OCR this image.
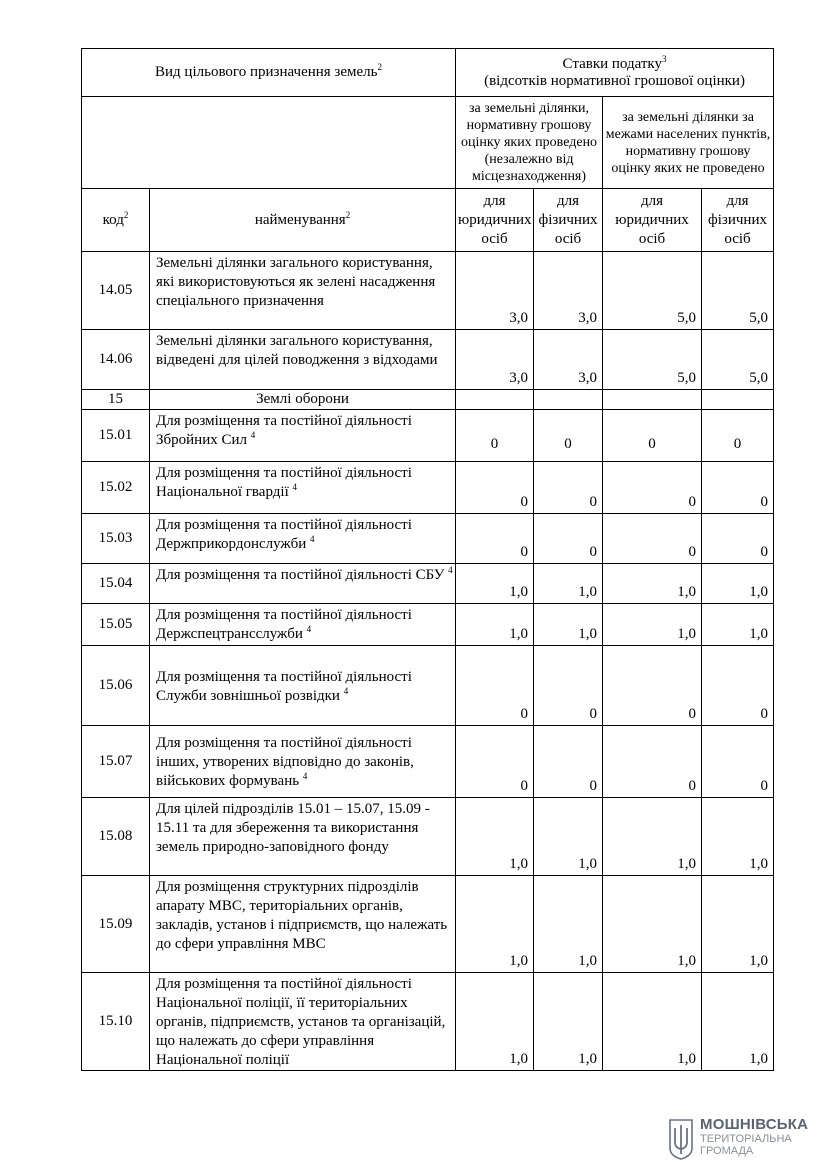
Вид цільового призначення земель$^2$		Ставки податку$^3$
(відсотків нормативної грошової оцінки)			
		за земельні ділянки, нормативну грошову оцінку яких проведено (незалежно від місцезнаходження)		за земельні ділянки за межами населених пунктів, нормативну грошову оцінку яких не проведено	
код$^2$	найменування$^2$	для юридичних осіб	для фізичних осіб	для юридичних осіб	для фізичних осіб
14.05	Земельні ділянки загального користування, які використовуються як зелені насадження спеціального призначення	3,0	3,0	5,0	5,0
14.06	Земельні ділянки загального користування, відведені для цілей поводження з відходами	3,0	3,0	5,0	5,0
15	Землі оборони				
15.01	Для розміщення та постійної діяльності Збройних Сил $^4$	0	0	0	0
15.02	Для розміщення та постійної діяльності Національної гвардії $^4$	0	0	0	0
15.03	Для розміщення та постійної діяльності Держприкордонслужби $^4$	0	0	0	0
15.04	Для розміщення та постійної діяльності СБУ $^4$	1,0	1,0	1,0	1,0
15.05	Для розміщення та постійної діяльності Держспецтрансслужби $^4$	1,0	1,0	1,0	1,0
15.06	Для розміщення та постійної діяльності Служби зовнішньої розвідки $^4$	0	0	0	0
15.07	Для розміщення та постійної діяльності інших, утворених відповідно до законів, військових формувань $^4$	0	0	0	0
15.08	Для цілей підрозділів 15.01 – 15.07, 15.09 - 15.11 та для збереження та використання земель природно-заповідного фонду	1,0	1,0	1,0	1,0
15.09	Для розміщення структурних підрозділів апарату МВС, територіальних органів, закладів, установ і підприємств, що належать до сфери управління МВС	1,0	1,0	1,0	1,0
15.10	Для розміщення та постійної діяльності Національної поліції, її територіальних органів, підприємств, установ та організацій, що належать до сфери управління Національної поліції	1,0	1,0	1,0	1,0
МОШНІВСЬКА
ТЕРИТОРІАЛЬНА
ГРОМАДА
